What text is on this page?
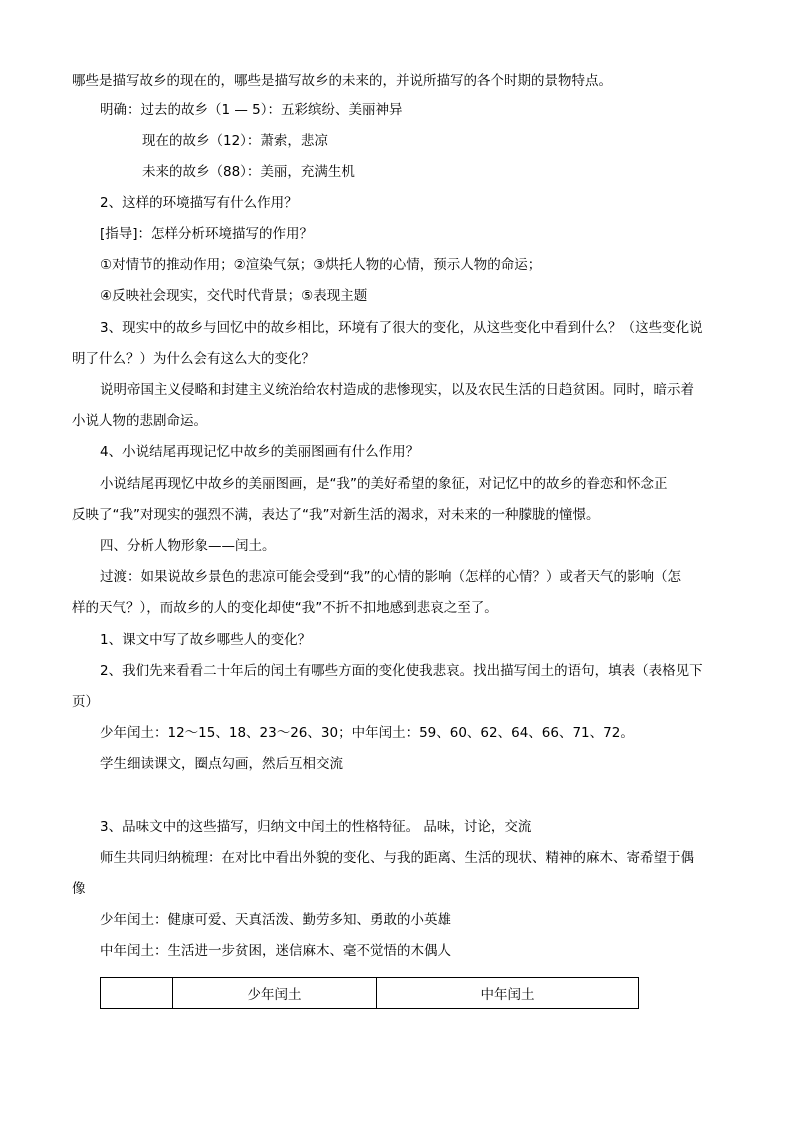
哪些是描写故乡的现在的，哪些是描写故乡的未来的，并说所描写的各个时期的景物特点。
明确：过去的故乡（1 — 5）：五彩缤纷、美丽神异
现在的故乡（12）：萧索，悲凉
未来的故乡（88）：美丽，充满生机
2、这样的环境描写有什么作用？
[指导]：怎样分析环境描写的作用？
①对情节的推动作用；②渲染气氛；③烘托人物的心情，预示人物的命运；
④反映社会现实，交代时代背景；⑤表现主题
3、现实中的故乡与回忆中的故乡相比，环境有了很大的变化，从这些变化中看到什么？（这些变化说
明了什么？）为什么会有这么大的变化？
说明帝国主义侵略和封建主义统治给农村造成的悲惨现实，以及农民生活的日趋贫困。同时，暗示着
小说人物的悲剧命运。
4、小说结尾再现记忆中故乡的美丽图画有什么作用？
小说结尾再现忆中故乡的美丽图画，是“我”的美好希望的象征，对记忆中的故乡的眷恋和怀念正
反映了“我”对现实的强烈不满，表达了“我”对新生活的渴求，对未来的一种朦胧的憧憬。
四、分析人物形象——闰土。
过渡：如果说故乡景色的悲凉可能会受到“我”的心情的影响（怎样的心情？）或者天气的影响（怎
样的天气？），而故乡的人的变化却使“我”不折不扣地感到悲哀之至了。
1、课文中写了故乡哪些人的变化？
2、我们先来看看二十年后的闰土有哪些方面的变化使我悲哀。找出描写闰土的语句，填表（表格见下
页）
少年闰土：12～15、18、23～26、30；中年闰土：59、60、62、64、66、71、72。
学生细读课文，圈点勾画，然后互相交流
3、品味文中的这些描写，归纳文中闰土的性格特征。 品味，讨论，交流
师生共同归纳梳理：在对比中看出外貌的变化、与我的距离、生活的现状、精神的麻木、寄希望于偶
像
少年闰土：健康可爱、天真活泼、勤劳多知、勇敢的小英雄
中年闰土：生活进一步贫困，迷信麻木、毫不觉悟的木偶人
	少年闰土	中年闰土
